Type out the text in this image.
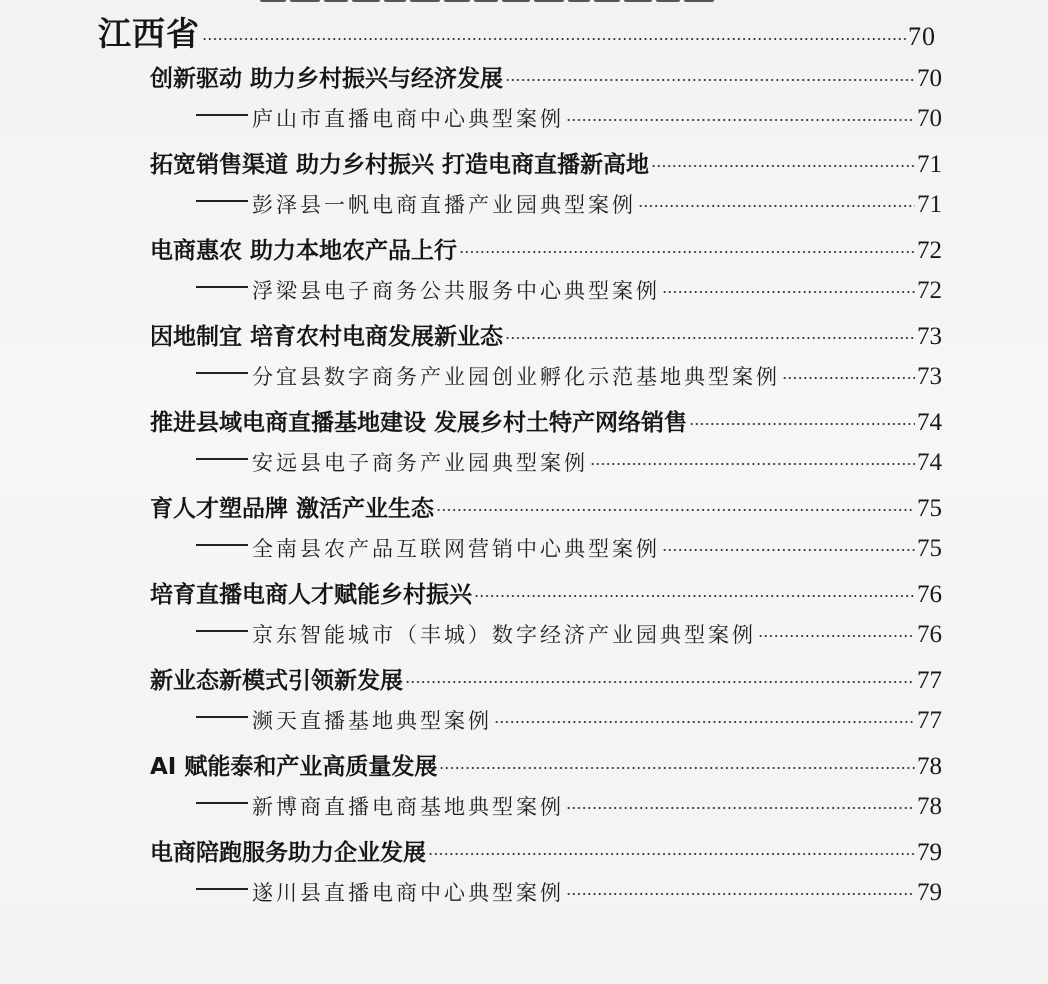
江西省	70
创新驱动 助力乡村振兴与经济发展	70
庐山市直播电商中心典型案例	70
拓宽销售渠道 助力乡村振兴 打造电商直播新高地	71
彭泽县一帆电商直播产业园典型案例	71
电商惠农 助力本地农产品上行	72
浮梁县电子商务公共服务中心典型案例	72
因地制宜 培育农村电商发展新业态	73
分宜县数字商务产业园创业孵化示范基地典型案例	73
推进县域电商直播基地建设 发展乡村土特产网络销售	74
安远县电子商务产业园典型案例	74
育人才塑品牌 激活产业生态	75
全南县农产品互联网营销中心典型案例	75
培育直播电商人才赋能乡村振兴	76
京东智能城市（丰城）数字经济产业园典型案例	76
新业态新模式引领新发展	77
濒天直播基地典型案例	77
AI 赋能泰和产业高质量发展	78
新博商直播电商基地典型案例	78
电商陪跑服务助力企业发展	79
遂川县直播电商中心典型案例	79
